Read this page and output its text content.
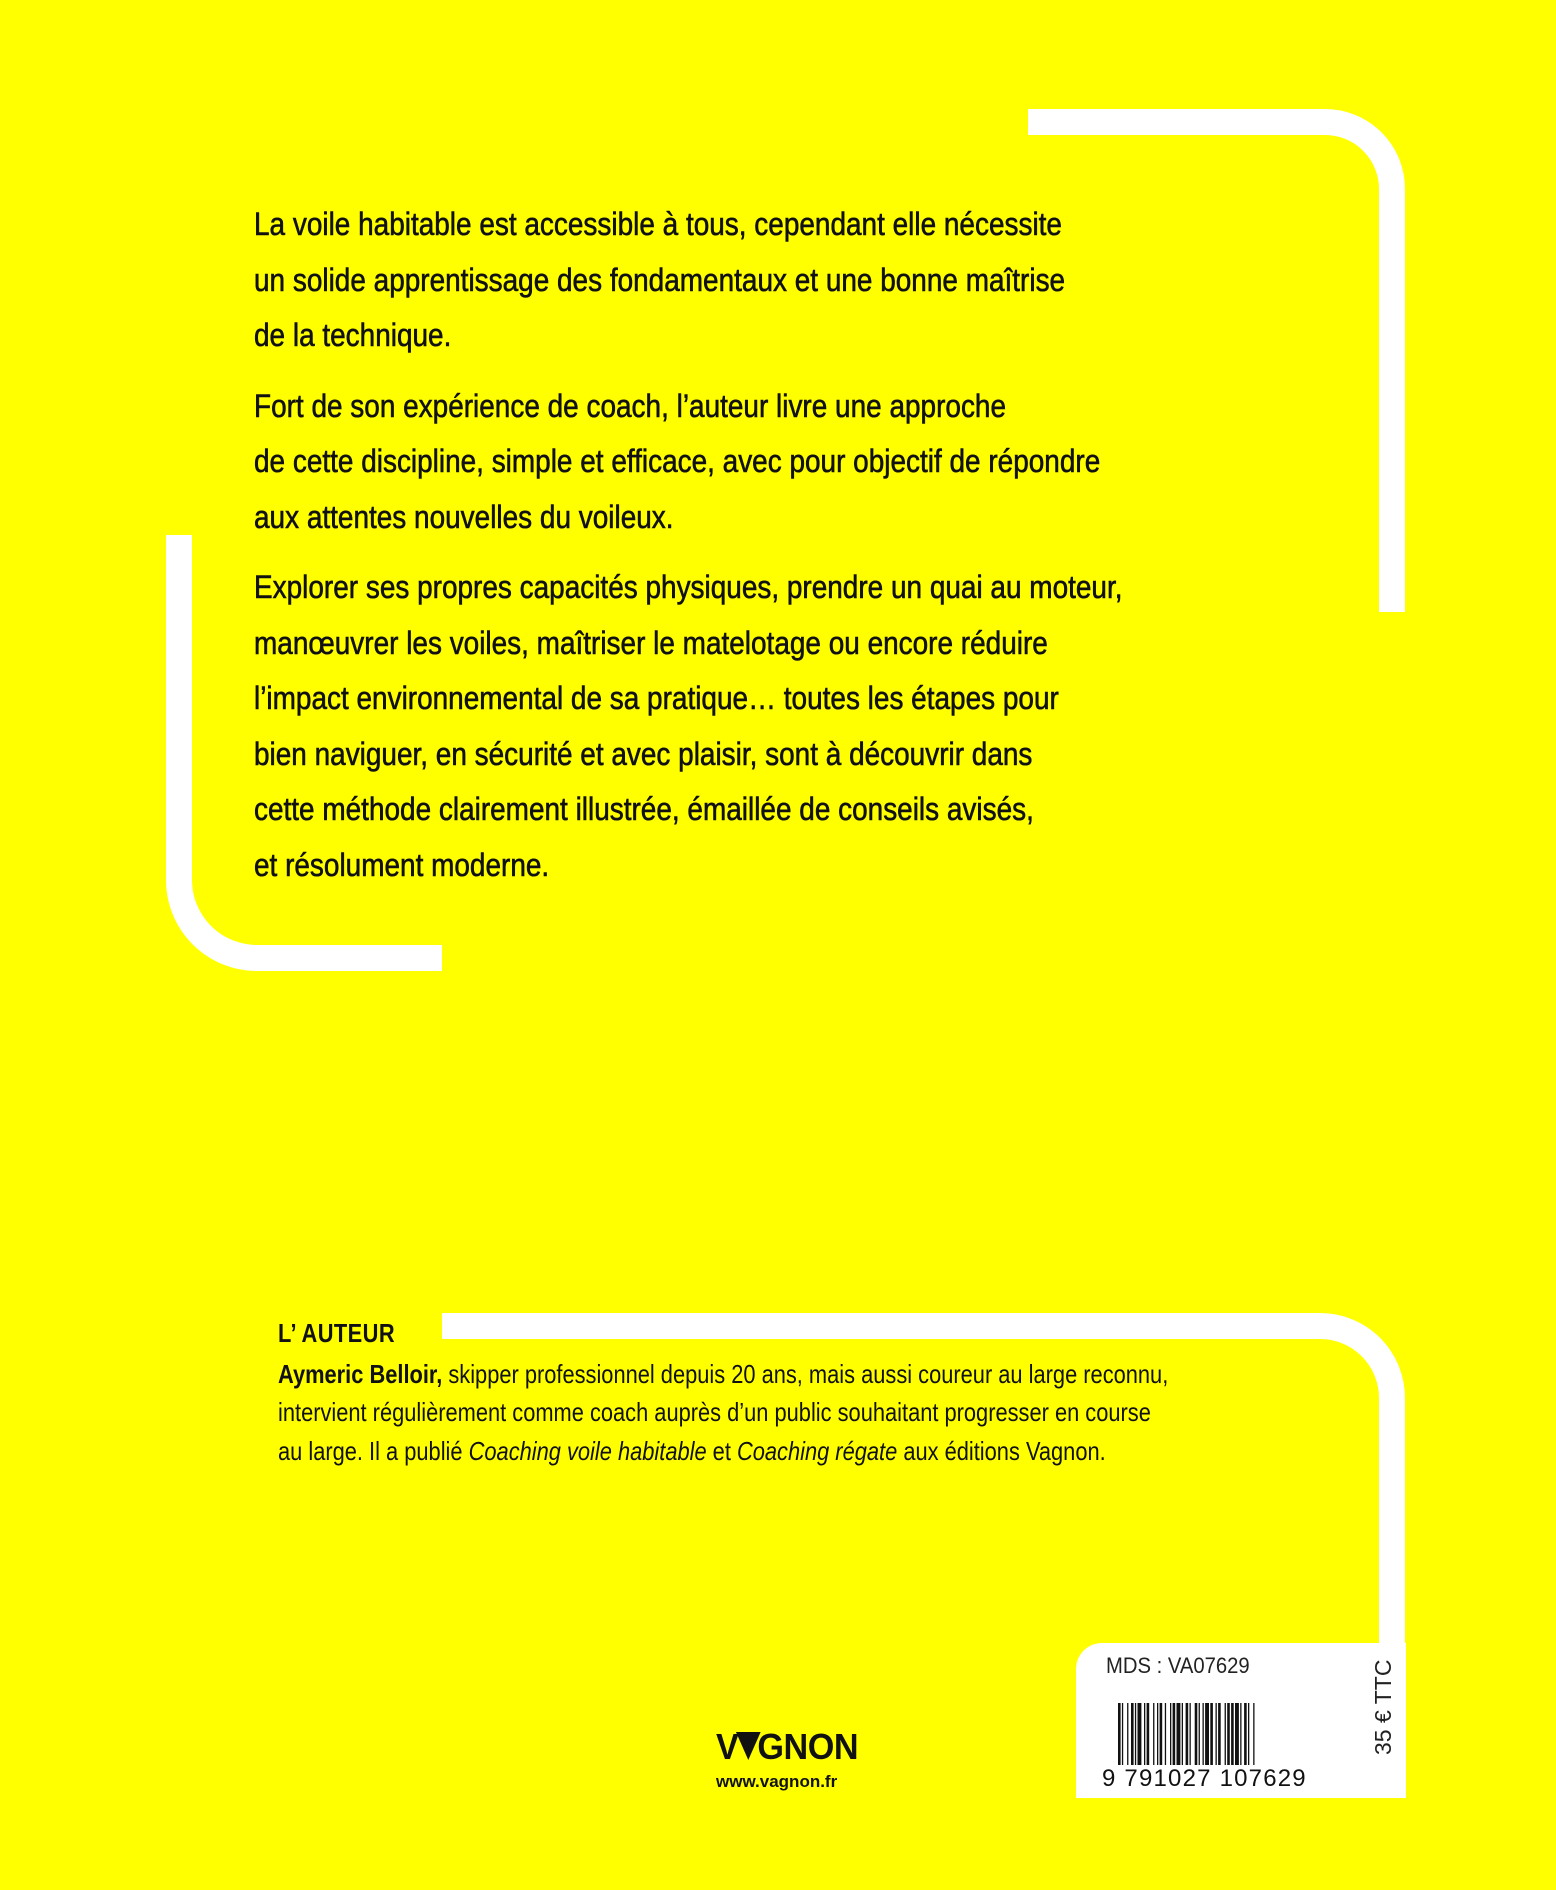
La voile habitable est accessible à tous, cependant elle nécessite
un solide apprentissage des fondamentaux et une bonne maîtrise
de la technique.

Fort de son expérience de coach, l’auteur livre une approche
de cette discipline, simple et efficace, avec pour objectif de répondre
aux attentes nouvelles du voileux.

Explorer ses propres capacités physiques, prendre un quai au moteur,
manœuvrer les voiles, maîtriser le matelotage ou encore réduire
l’impact environnemental de sa pratique… toutes les étapes pour
bien naviguer, en sécurité et avec plaisir, sont à découvrir dans
cette méthode clairement illustrée, émaillée de conseils avisés,
et résolument moderne.

L’ AUTEUR

Aymeric Belloir, skipper professionnel depuis 20 ans, mais aussi coureur au large reconnu,
intervient régulièrement comme coach auprès d’un public souhaitant progresser en course
au large. Il a publié Coaching voile habitable et Coaching régate aux éditions Vagnon.

V GNON
www.vagnon.fr
MDS : VA07629
9 791027 107629
35 € TTC
